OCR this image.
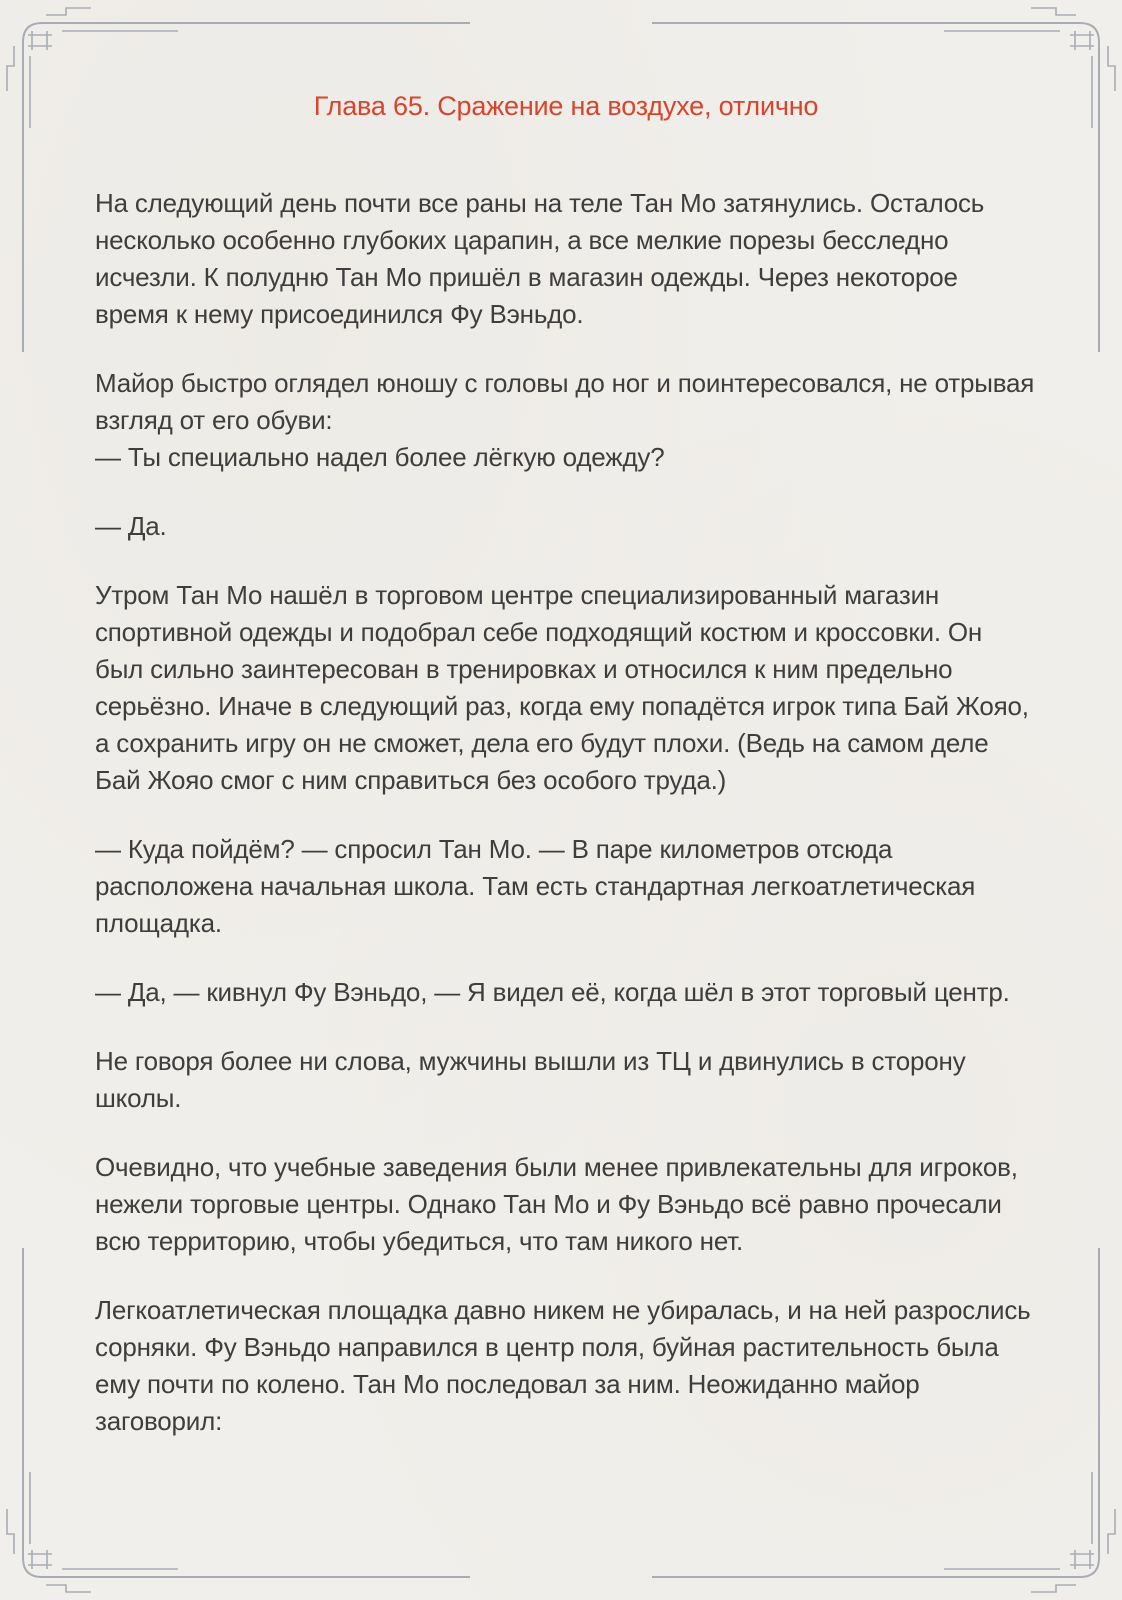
Глава 65. Сражение на воздухе, отлично

На следующий день почти все раны на теле Тан Мо затянулись. Осталось несколько особенно глубоких царапин, а все мелкие порезы бесследно исчезли. К полудню Тан Мо пришёл в магазин одежды. Через некоторое время к нему присоединился Фу Вэньдо.

Майор быстро оглядел юношу с головы до ног и поинтересовался, не отрывая взгляд от его обуви:
— Ты специально надел более лёгкую одежду?

— Да.

Утром Тан Мо нашёл в торговом центре специализированный магазин спортивной одежды и подобрал себе подходящий костюм и кроссовки. Он был сильно заинтересован в тренировках и относился к ним предельно серьёзно. Иначе в следующий раз, когда ему попадётся игрок типа Бай Жояо, а сохранить игру он не сможет, дела его будут плохи. (Ведь на самом деле Бай Жояо смог с ним справиться без особого труда.)

— Куда пойдём? — спросил Тан Мо. — В паре километров отсюда расположена начальная школа. Там есть стандартная легкоатлетическая площадка.

— Да, — кивнул Фу Вэньдо, — Я видел её, когда шёл в этот торговый центр.

Не говоря более ни слова, мужчины вышли из ТЦ и двинулись в сторону школы.

Очевидно, что учебные заведения были менее привлекательны для игроков, нежели торговые центры. Однако Тан Мо и Фу Вэньдо всё равно прочесали всю территорию, чтобы убедиться, что там никого нет.

Легкоатлетическая площадка давно никем не убиралась, и на ней разрослись сорняки. Фу Вэньдо направился в центр поля, буйная растительность была ему почти по колено. Тан Мо последовал за ним. Неожиданно майор заговорил:
